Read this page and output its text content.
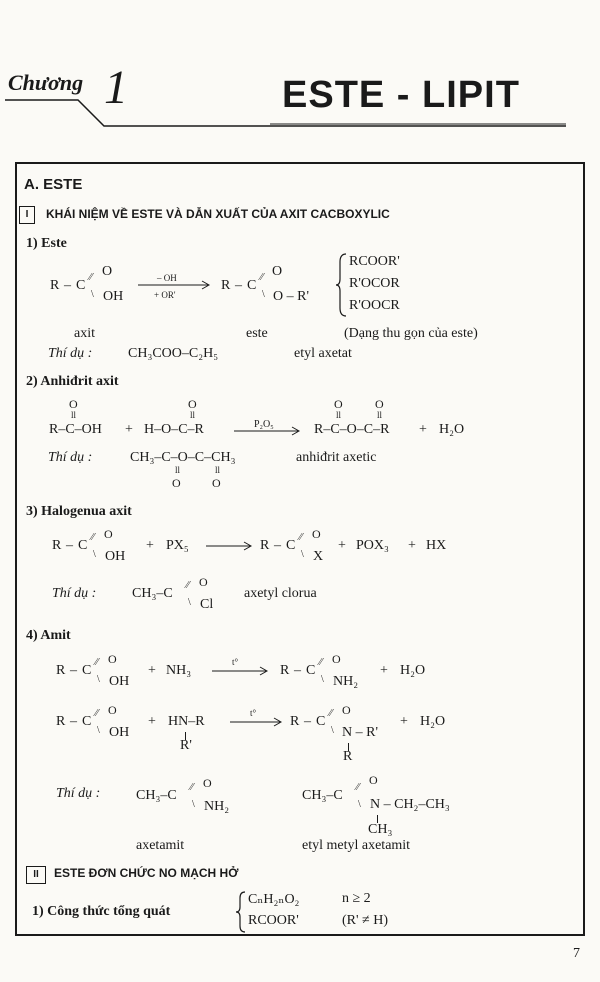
Chương 1	ESTE - LIPIT
A. ESTE
I	KHÁI NIỆM VỀ ESTE VÀ DẪN XUẤT CỦA AXIT CACBOXYLIC
1) Este
R – C
⁄⁄ O
\ OH
– OH
+ OR'
R – C
⁄⁄ O
\ O – R'
RCOOR'
R'OCOR
R'OOCR
axit	este	(Dạng thu gọn của este)
Thí dụ :	CH₃COO–C₂H₅	etyl axetat
2) Anhiđrit axit
O
ll
R–C–OH +
O
ll
H–O–C–R	P₂O₅
O
ll
O
ll
R–C–O–C–R + H₂O
Thí dụ :	CH₃–C–O–C–CH₃	anhiđrit axetic
ll	ll
O	O
3) Halogenua axit
R – C
⁄⁄ O
\ OH
+ PX₅	R – C
⁄⁄ O
\ X
+ POX₃ + HX
Thí dụ :	CH₃–C
⁄⁄ O
\ Cl
axetyl clorua
4) Amit
R – C
⁄⁄ O
\ OH
+ NH₃
t°
R – C
⁄⁄ O
\ NH₂
+ H₂O
R – C
⁄⁄ O
\ OH
+ HN–R
R'
t°
R – C
⁄⁄ O
\ N – R'
R
+ H₂O
Thí dụ :	CH₃–C
⁄⁄ O
\ NH₂
CH₃–C
⁄⁄
O
\ N – CH₂–CH₃
CH₃
axetamit	etyl metyl axetamit
II	ESTE ĐƠN CHỨC NO MẠCH HỞ
1) Công thức tổng quát
CₙH₂ₙO₂	n ≥ 2
RCOOR'	(R' ≠ H)
7
